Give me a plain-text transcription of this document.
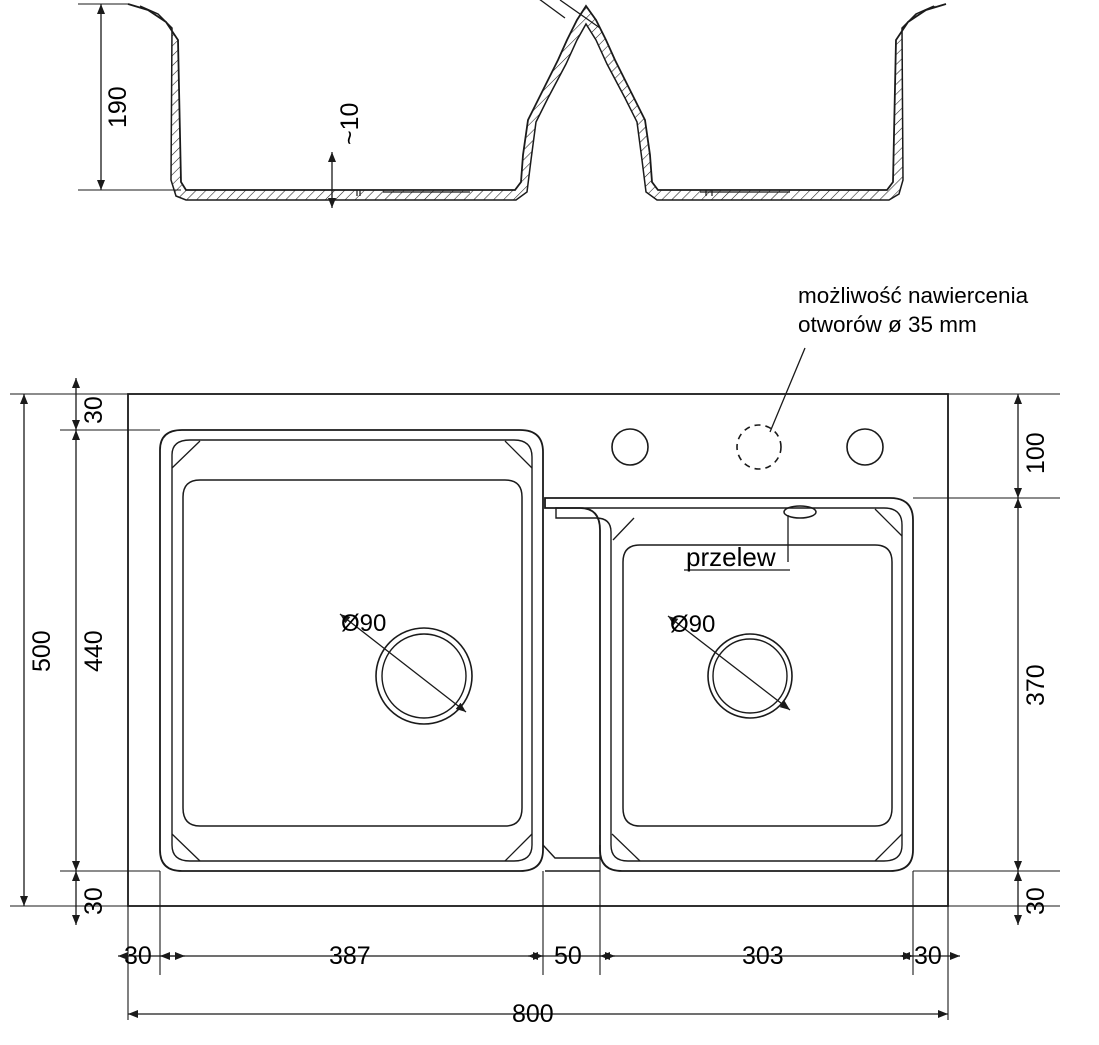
190	~10
możliwość nawiercenia
otworów ø 35 mm
przelew
Ø90	Ø90
500 440
30
30
100
370
30
30	387	50	303	30
800
